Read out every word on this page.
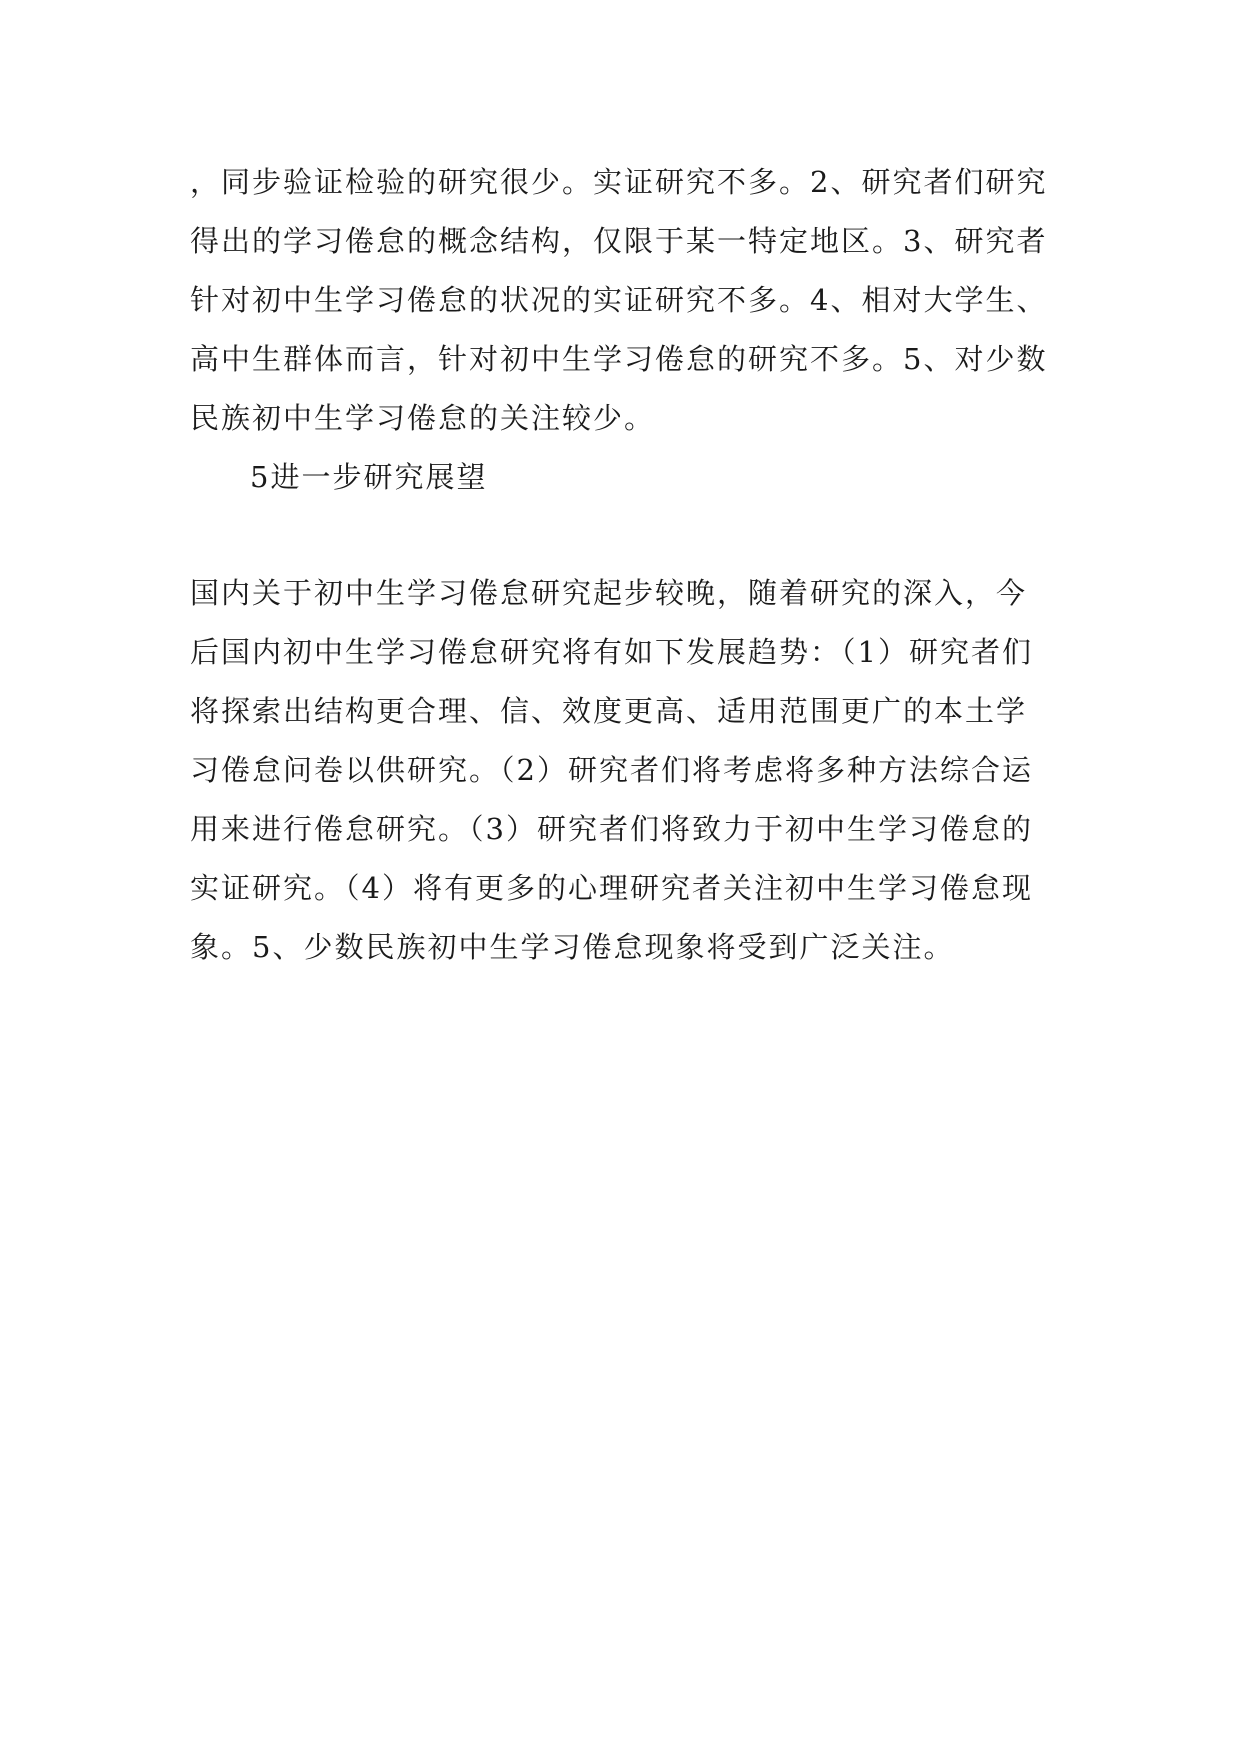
，同步验证检验的研究很少。实证研究不多。2、研究者们研究
得出的学习倦怠的概念结构，仅限于某一特定地区。3、研究者
针对初中生学习倦怠的状况的实证研究不多。4、相对大学生、
高中生群体而言，针对初中生学习倦怠的研究不多。5、对少数
民族初中生学习倦怠的关注较少。
5进一步研究展望
国内关于初中生学习倦怠研究起步较晚，随着研究的深入，今
后国内初中生学习倦怠研究将有如下发展趋势：（1）研究者们
将探索出结构更合理、信、效度更高、适用范围更广的本土学
习倦怠问卷以供研究。（2）研究者们将考虑将多种方法综合运
用来进行倦怠研究。（3）研究者们将致力于初中生学习倦怠的
实证研究。（4）将有更多的心理研究者关注初中生学习倦怠现
象。5、少数民族初中生学习倦怠现象将受到广泛关注。
